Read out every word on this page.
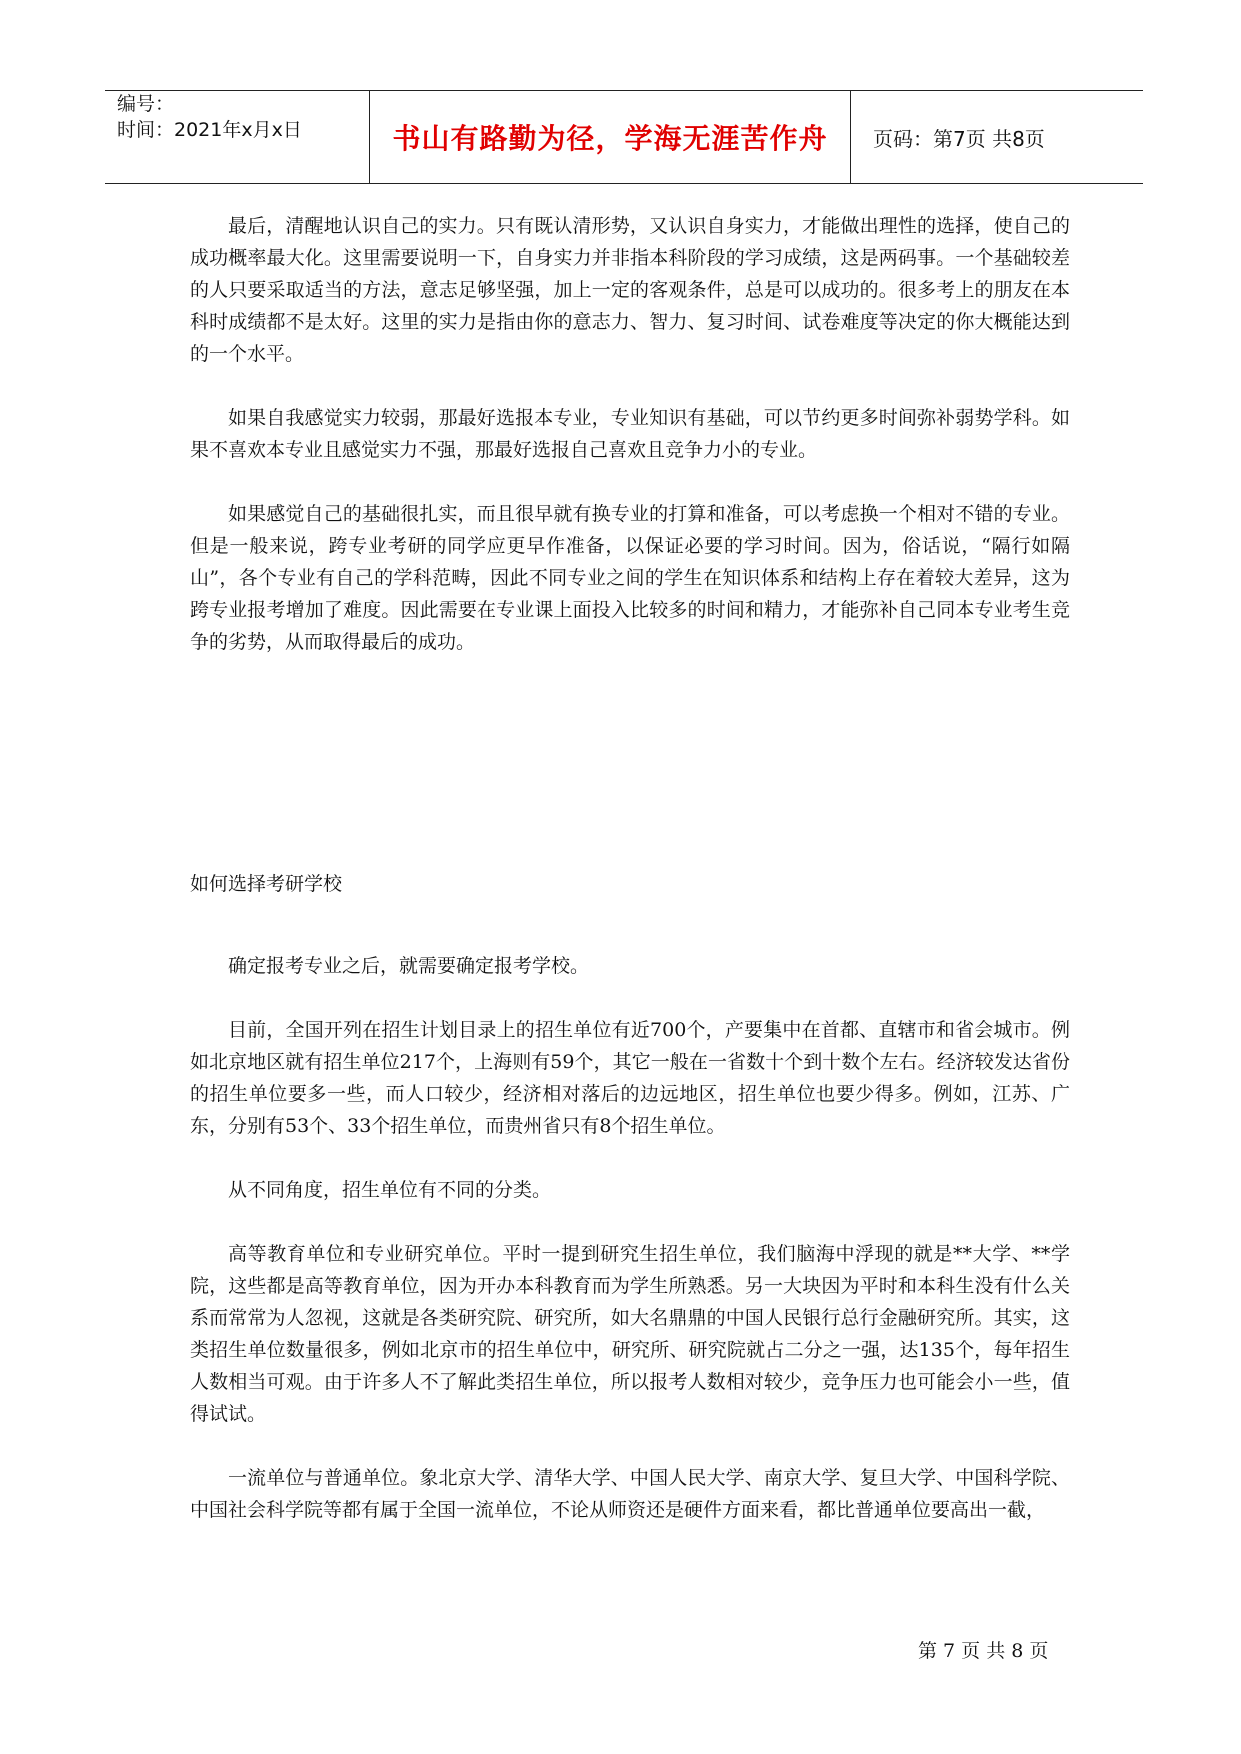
编号：
时间：2021年x月x日	书山有路勤为径，学海无涯苦作舟 页码：第7页 共8页

最后，清醒地认识自己的实力。只有既认清形势，又认识自身实力，才能做出理性的选择，使自己的成功概率最大化。这里需要说明一下，自身实力并非指本科阶段的学习成绩，这是两码事。一个基础较差的人只要采取适当的方法，意志足够坚强，加上一定的客观条件，总是可以成功的。很多考上的朋友在本科时成绩都不是太好。这里的实力是指由你的意志力、智力、复习时间、试卷难度等决定的你大概能达到的一个水平。

如果自我感觉实力较弱，那最好选报本专业，专业知识有基础，可以节约更多时间弥补弱势学科。如果不喜欢本专业且感觉实力不强，那最好选报自己喜欢且竞争力小的专业。

如果感觉自己的基础很扎实，而且很早就有换专业的打算和准备，可以考虑换一个相对不错的专业。但是一般来说，跨专业考研的同学应更早作准备，以保证必要的学习时间。因为，俗话说，“隔行如隔山”，各个专业有自己的学科范畴，因此不同专业之间的学生在知识体系和结构上存在着较大差异，这为跨专业报考增加了难度。因此需要在专业课上面投入比较多的时间和精力，才能弥补自己同本专业考生竞争的劣势，从而取得最后的成功。

如何选择考研学校

确定报考专业之后，就需要确定报考学校。

目前，全国开列在招生计划目录上的招生单位有近700个，产要集中在首都、直辖市和省会城市。例如北京地区就有招生单位217个，上海则有59个，其它一般在一省数十个到十数个左右。经济较发达省份的招生单位要多一些，而人口较少，经济相对落后的边远地区，招生单位也要少得多。例如，江苏、广东，分别有53个、33个招生单位，而贵州省只有8个招生单位。

从不同角度，招生单位有不同的分类。

高等教育单位和专业研究单位。平时一提到研究生招生单位，我们脑海中浮现的就是**大学、**学院，这些都是高等教育单位，因为开办本科教育而为学生所熟悉。另一大块因为平时和本科生没有什么关系而常常为人忽视，这就是各类研究院、研究所，如大名鼎鼎的中国人民银行总行金融研究所。其实，这类招生单位数量很多，例如北京市的招生单位中，研究所、研究院就占二分之一强，达135个，每年招生人数相当可观。由于许多人不了解此类招生单位，所以报考人数相对较少，竞争压力也可能会小一些，值得试试。

一流单位与普通单位。象北京大学、清华大学、中国人民大学、南京大学、复旦大学、中国科学院、中国社会科学院等都有属于全国一流单位，不论从师资还是硬件方面来看，都比普通单位要高出一截，

第 7 页 共 8 页
